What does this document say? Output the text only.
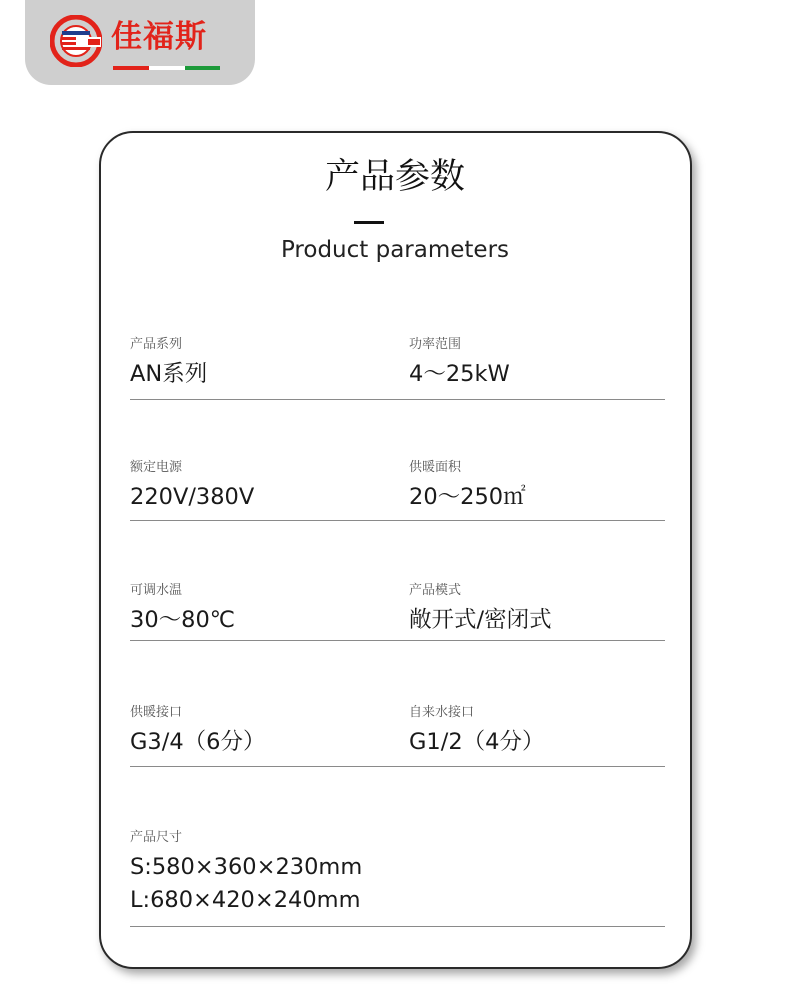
佳福斯
产品参数
Product parameters
产品系列
AN系列
功率范围
4～25kW
额定电源
220V/380V
供暖面积
20～250㎡
可调水温
30～80℃
产品模式
敞开式/密闭式
供暖接口
G3/4（6分）
自来水接口
G1/2（4分）
产品尺寸
S:580×360×230mm
L:680×420×240mm
